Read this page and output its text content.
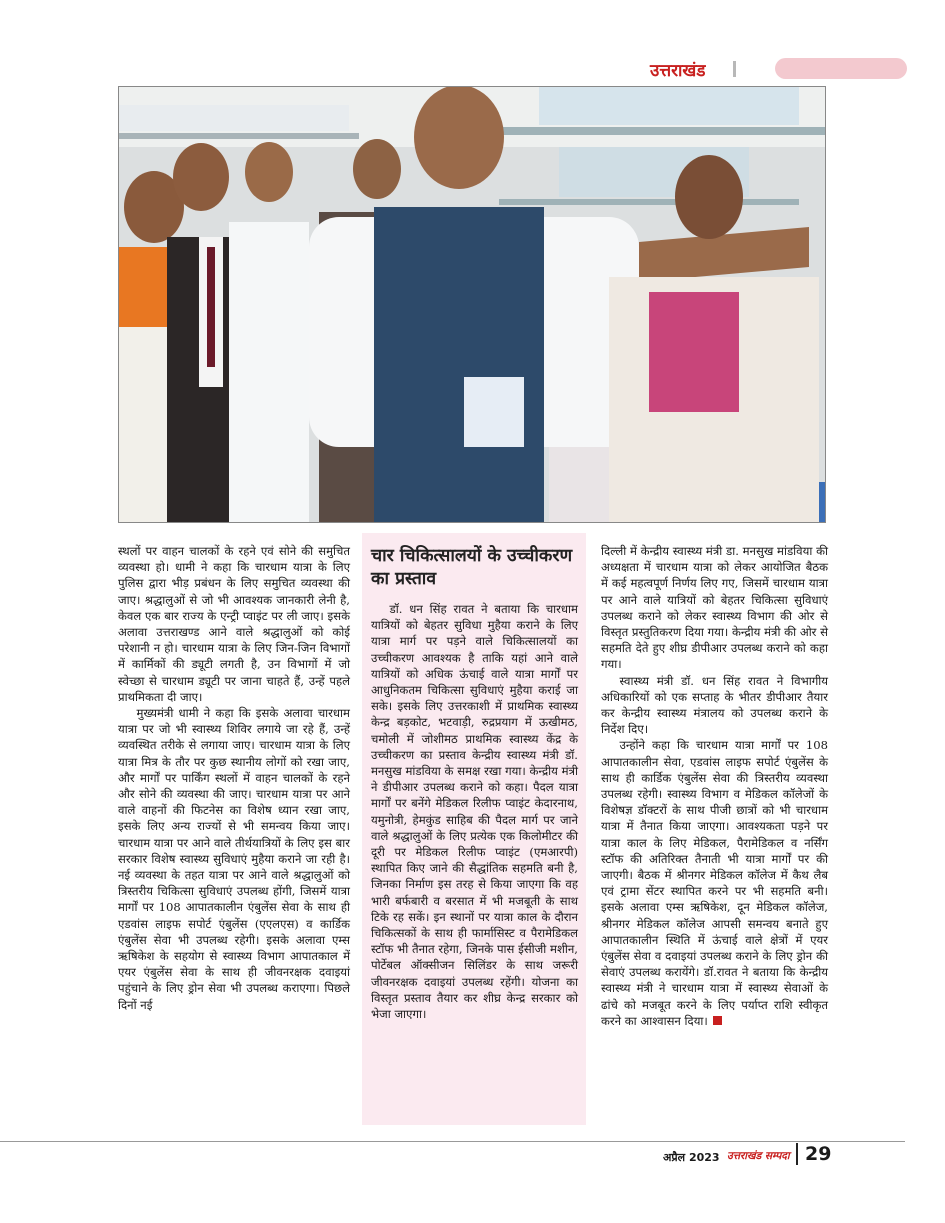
उत्तराखंड

स्थलों पर वाहन चालकों के रहने एवं सोने की समुचित व्यवस्था हो। धामी ने कहा कि चारधाम यात्रा के लिए पुलिस द्वारा भीड़ प्रबंधन के लिए समुचित व्यवस्था की जाए। श्रद्धालुओं से जो भी आवश्यक जानकारी लेनी है, केवल एक बार राज्य के एन्ट्री प्वाइंट पर ली जाए। इसके अलावा उत्तराखण्ड आने वाले श्रद्धालुओं को कोई परेशानी न हो। चारधाम यात्रा के लिए जिन-जिन विभागों में कार्मिकों की ड्यूटी लगती है, उन विभागों में जो स्वेच्छा से चारधाम ड्यूटी पर जाना चाहते हैं, उन्हें पहले प्राथमिकता दी जाए।

मुख्यमंत्री धामी ने कहा कि इसके अलावा चारधाम यात्रा पर जो भी स्वास्थ्य शिविर लगाये जा रहे हैं, उन्हें व्यवस्थित तरीके से लगाया जाए। चारधाम यात्रा के लिए यात्रा मित्र के तौर पर कुछ स्थानीय लोगों को रखा जाए, और मार्गों पर पार्किंग स्थलों में वाहन चालकों के रहने और सोने की व्यवस्था की जाए। चारधाम यात्रा पर आने वाले वाहनों की फिटनेस का विशेष ध्यान रखा जाए, इसके लिए अन्य राज्यों से भी समन्वय किया जाए। चारधाम यात्रा पर आने वाले तीर्थयात्रियों के लिए इस बार सरकार विशेष स्वास्थ्य सुविधाएं मुहैया कराने जा रही है। नई व्यवस्था के तहत यात्रा पर आने वाले श्रद्धालुओं को त्रिस्तरीय चिकित्सा सुविधाएं उपलब्ध होंगी, जिसमें यात्रा मार्गों पर 108 आपातकालीन एंबुलेंस सेवा के साथ ही एडवांस लाइफ सपोर्ट एंबुलेंस (एएलएस) व कार्डिक एंबुलेंस सेवा भी उपलब्ध रहेगी। इसके अलावा एम्स ऋषिकेश के सहयोग से स्वास्थ्य विभाग आपातकाल में एयर एंबुलेंस सेवा के साथ ही जीवनरक्षक दवाइयां पहुंचाने के लिए ड्रोन सेवा भी उपलब्ध कराएगा। पिछले दिनों नई

चार चिकित्सालयों के उच्चीकरण का प्रस्ताव

डॉ. धन सिंह रावत ने बताया कि चारधाम यात्रियों को बेहतर सुविधा मुहैया कराने के लिए यात्रा मार्ग पर पड़ने वाले चिकित्सालयों का उच्चीकरण आवश्यक है ताकि यहां आने वाले यात्रियों को अधिक ऊंचाई वाले यात्रा मार्गों पर आधुनिकतम चिकित्सा सुविधाएं मुहैया कराई जा सके। इसके लिए उत्तरकाशी में प्राथमिक स्वास्थ्य केन्द्र बड़कोट, भटवाड़ी, रुद्रप्रयाग में ऊखीमठ, चमोली में जोशीमठ प्राथमिक स्वास्थ्य केंद्र के उच्चीकरण का प्रस्ताव केन्द्रीय स्वास्थ्य मंत्री डॉ. मनसुख मांडविया के समक्ष रखा गया। केन्द्रीय मंत्री ने डीपीआर उपलब्ध कराने को कहा। पैदल यात्रा मार्गों पर बनेंगे मेडिकल रिलीफ प्वाइंट केदारनाथ, यमुनोत्री, हेमकुंड साहिब की पैदल मार्ग पर जाने वाले श्रद्धालुओं के लिए प्रत्येक एक किलोमीटर की दूरी पर मेडिकल रिलीफ प्वाइंट (एमआरपी) स्थापित किए जाने की सैद्धांतिक सहमति बनी है, जिनका निर्माण इस तरह से किया जाएगा कि वह भारी बर्फबारी व बरसात में भी मजबूती के साथ टिके रह सकें। इन स्थानों पर यात्रा काल के दौरान चिकित्सकों के साथ ही फार्मासिस्ट व पैरामेडिकल स्टॉफ भी तैनात रहेगा, जिनके पास ईसीजी मशीन, पोर्टेबल ऑक्सीजन सिलिंडर के साथ जरूरी जीवनरक्षक दवाइयां उपलब्ध रहेंगी। योजना का विस्तृत प्रस्ताव तैयार कर शीघ्र केन्द्र सरकार को भेजा जाएगा।

दिल्ली में केन्द्रीय स्वास्थ्य मंत्री डा. मनसुख मांडविया की अध्यक्षता में चारधाम यात्रा को लेकर आयोजित बैठक में कई महत्वपूर्ण निर्णय लिए गए, जिसमें चारधाम यात्रा पर आने वाले यात्रियों को बेहतर चिकित्सा सुविधाएं उपलब्ध कराने को लेकर स्वास्थ्य विभाग की ओर से विस्तृत प्रस्तुतिकरण दिया गया। केन्द्रीय मंत्री की ओर से सहमति देते हुए शीघ्र डीपीआर उपलब्ध कराने को कहा गया।

स्वास्थ्य मंत्री डॉ. धन सिंह रावत ने विभागीय अधिकारियों को एक सप्ताह के भीतर डीपीआर तैयार कर केन्द्रीय स्वास्थ्य मंत्रालय को उपलब्ध कराने के निर्देश दिए।

उन्होंने कहा कि चारधाम यात्रा मार्गों पर 108 आपातकालीन सेवा, एडवांस लाइफ सपोर्ट एंबुलेंस के साथ ही कार्डिक एंबुलेंस सेवा की त्रिस्तरीय व्यवस्था उपलब्ध रहेगी। स्वास्थ्य विभाग व मेडिकल कॉलेजों के विशेषज्ञ डॉक्टरों के साथ पीजी छात्रों को भी चारधाम यात्रा में तैनात किया जाएगा। आवश्यकता पड़ने पर यात्रा काल के लिए मेडिकल, पैरामेडिकल व नर्सिंग स्टॉफ की अतिरिक्त तैनाती भी यात्रा मार्गों पर की जाएगी। बैठक में श्रीनगर मेडिकल कॉलेज में कैथ लैब एवं ट्रामा सेंटर स्थापित करने पर भी सहमति बनी। इसके अलावा एम्स ऋषिकेश, दून मेडिकल कॉलेज, श्रीनगर मेडिकल कॉलेज आपसी समन्वय बनाते हुए आपातकालीन स्थिति में ऊंचाई वाले क्षेत्रों में एयर एंबुलेंस सेवा व दवाइयां उपलब्ध कराने के लिए ड्रोन की सेवाएं उपलब्ध करायेंगे। डॉ.रावत ने बताया कि केन्द्रीय स्वास्थ्य मंत्री ने चारधाम यात्रा में स्वास्थ्य सेवाओं के ढांचे को मजबूत करने के लिए पर्याप्त राशि स्वीकृत करने का आश्वासन दिया।

अप्रैल 2023 उत्तराखंड सम्पदा 29
